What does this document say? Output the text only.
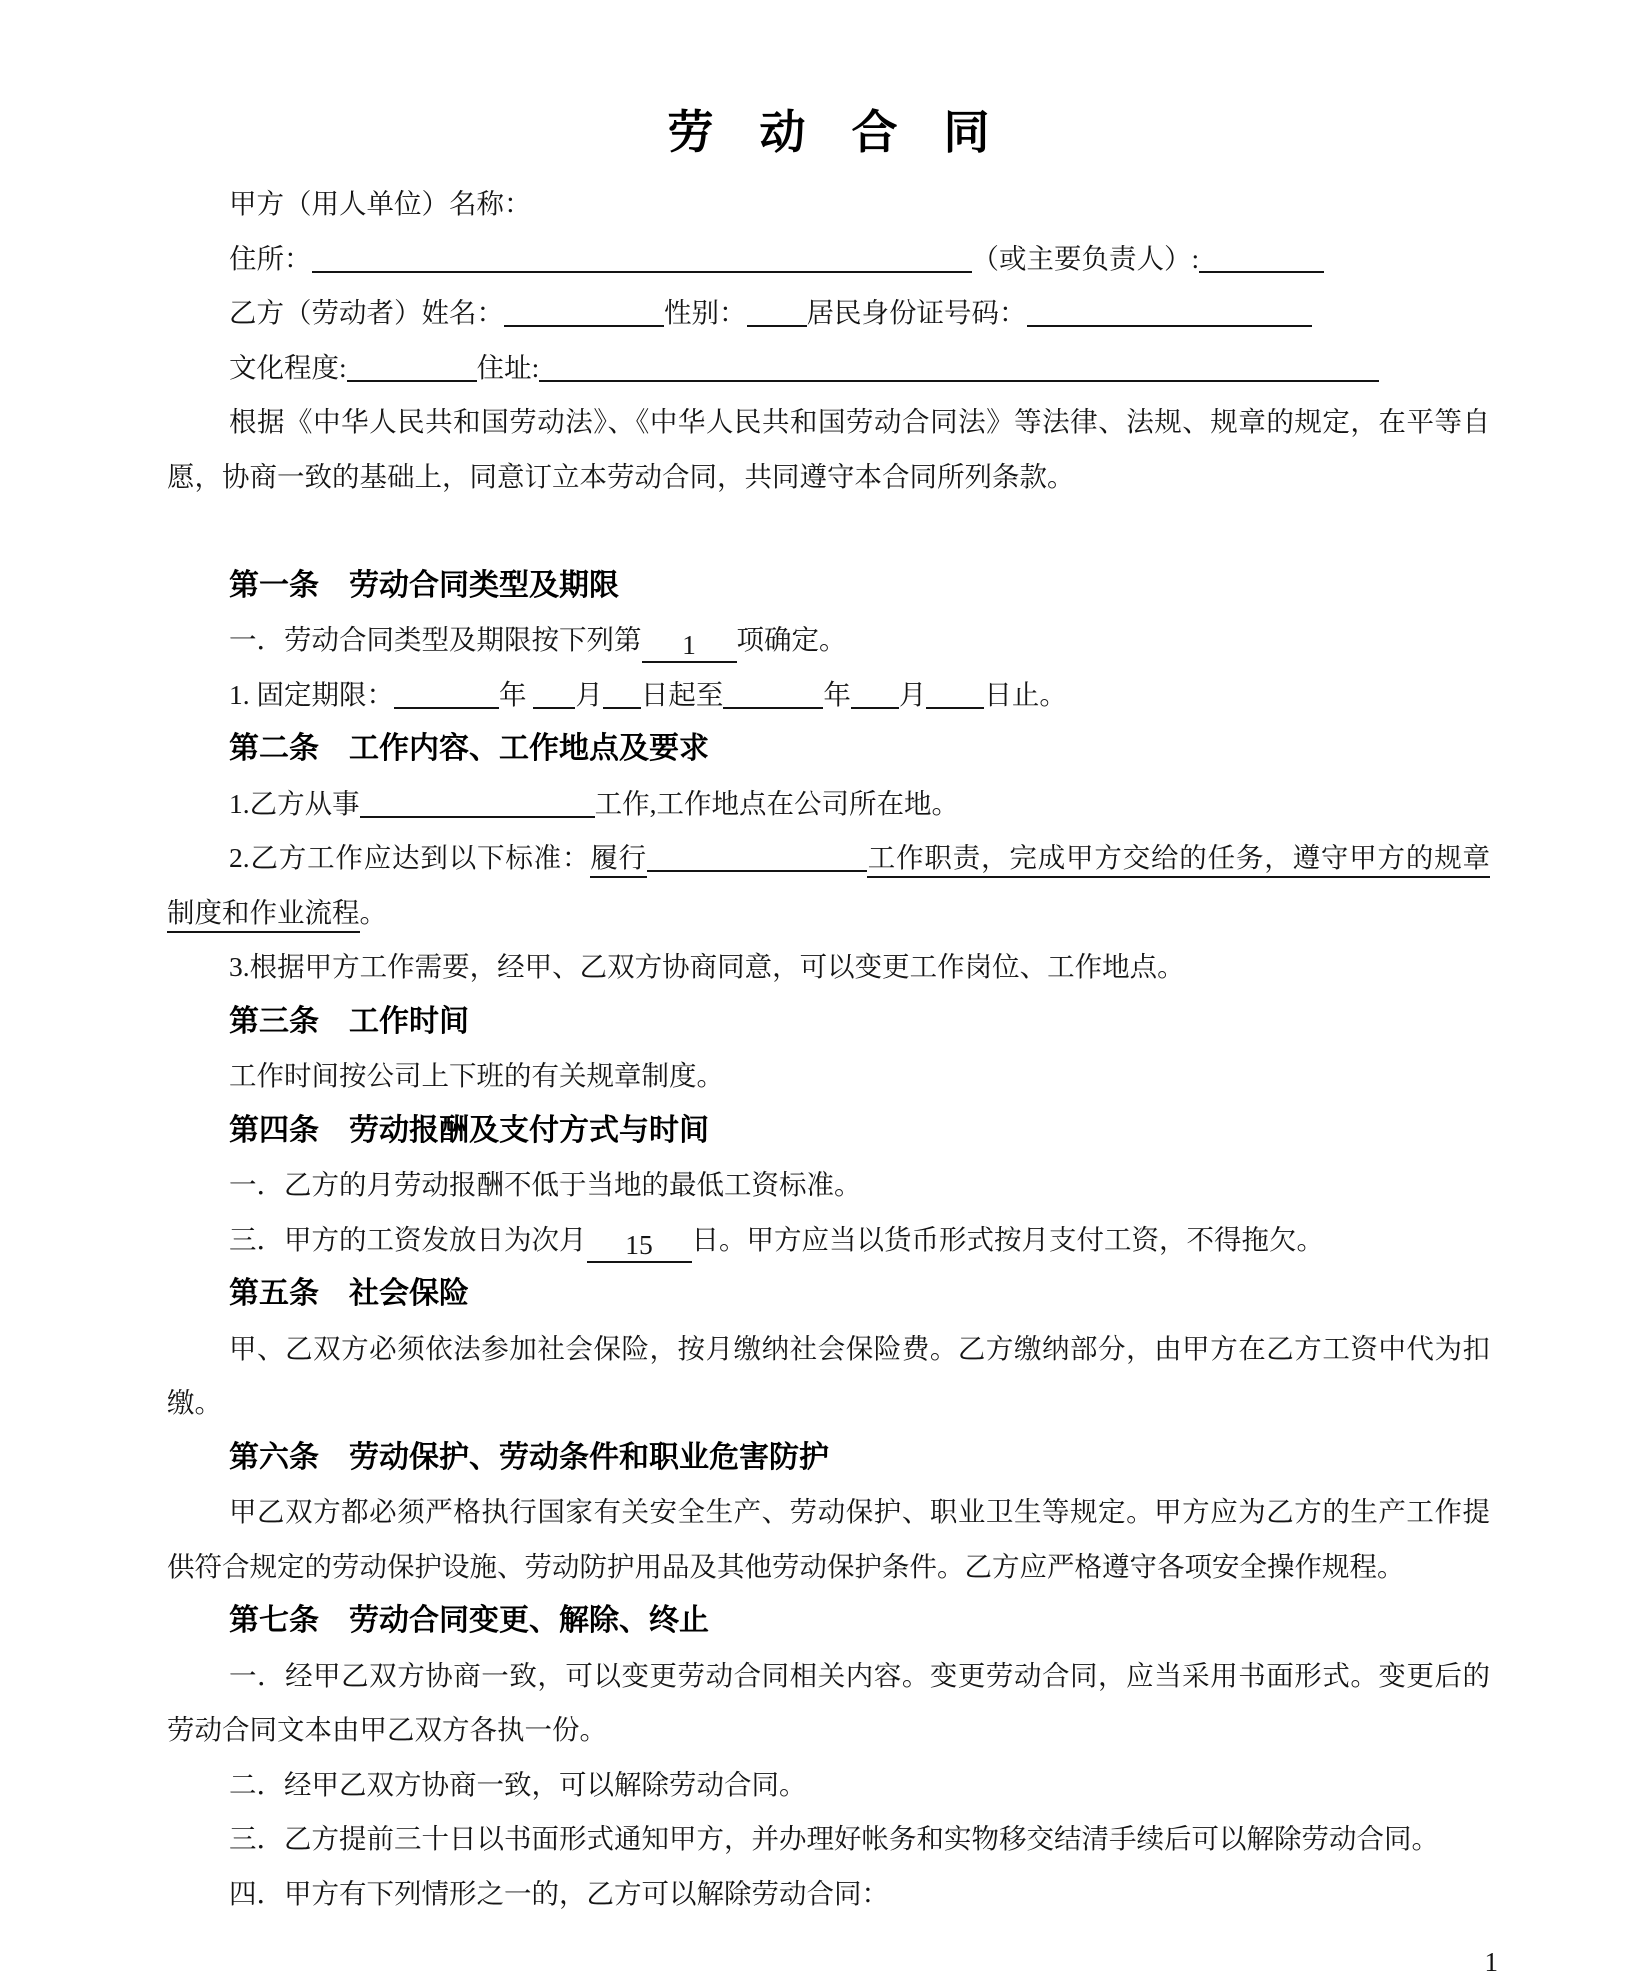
劳　动　合　同
甲方（用人单位）名称：
住所：	（或主要负责人）:
乙方（劳动者）姓名：	性别： 居民身份证号码：
文化程度:	住址:
根据《中华人民共和国劳动法》、《中华人民共和国劳动合同法》等法律、法规、规章的规定，在平等自
愿，协商一致的基础上，同意订立本劳动合同，共同遵守本合同所列条款。
第一条　劳动合同类型及期限
一．劳动合同类型及期限按下列第 1 项确定。
1. 固定期限：	年 月 日起至	年 月 日止。
第二条　工作内容、工作地点及要求
1.乙方从事	工作,工作地点在公司所在地。
2.乙方工作应达到以下标准：履行	工作职责，完成甲方交给的任务，遵守甲方的规章
制度和作业流程。
3.根据甲方工作需要，经甲、乙双方协商同意，可以变更工作岗位、工作地点。
第三条　工作时间
工作时间按公司上下班的有关规章制度。
第四条　劳动报酬及支付方式与时间
一．乙方的月劳动报酬不低于当地的最低工资标准。
三．甲方的工资发放日为次月 15 日。甲方应当以货币形式按月支付工资，不得拖欠。
第五条　社会保险
甲、乙双方必须依法参加社会保险，按月缴纳社会保险费。乙方缴纳部分，由甲方在乙方工资中代为扣
缴。
第六条　劳动保护、劳动条件和职业危害防护
甲乙双方都必须严格执行国家有关安全生产、劳动保护、职业卫生等规定。甲方应为乙方的生产工作提
供符合规定的劳动保护设施、劳动防护用品及其他劳动保护条件。乙方应严格遵守各项安全操作规程。
第七条　劳动合同变更、解除、终止
一．经甲乙双方协商一致，可以变更劳动合同相关内容。变更劳动合同，应当采用书面形式。变更后的
劳动合同文本由甲乙双方各执一份。
二．经甲乙双方协商一致，可以解除劳动合同。
三．乙方提前三十日以书面形式通知甲方，并办理好帐务和实物移交结清手续后可以解除劳动合同。
四．甲方有下列情形之一的，乙方可以解除劳动合同：
1
